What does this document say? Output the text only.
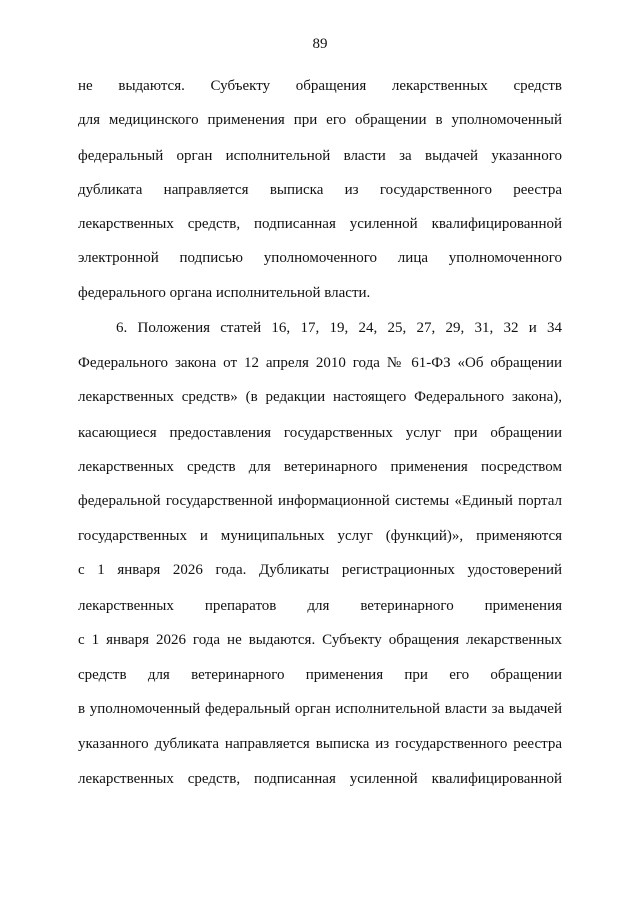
89
не выдаются. Субъекту обращения лекарственных средств
для медицинского применения при его обращении в уполномоченный
федеральный орган исполнительной власти за выдачей указанного
дубликата направляется выписка из государственного реестра
лекарственных средств, подписанная усиленной квалифицированной
электронной подписью уполномоченного лица уполномоченного
федерального органа исполнительной власти.
6. Положения статей 16, 17, 19, 24, 25, 27, 29, 31, 32 и 34
Федерального закона от 12 апреля 2010 года № 61-ФЗ «Об обращении
лекарственных средств» (в редакции настоящего Федерального закона),
касающиеся предоставления государственных услуг при обращении
лекарственных средств для ветеринарного применения посредством
федеральной государственной информационной системы «Единый портал
государственных и муниципальных услуг (функций)», применяются
с 1 января 2026 года. Дубликаты регистрационных удостоверений
лекарственных препаратов для ветеринарного применения
с 1 января 2026 года не выдаются. Субъекту обращения лекарственных
средств для ветеринарного применения при его обращении
в уполномоченный федеральный орган исполнительной власти за выдачей
указанного дубликата направляется выписка из государственного реестра
лекарственных средств, подписанная усиленной квалифицированной
